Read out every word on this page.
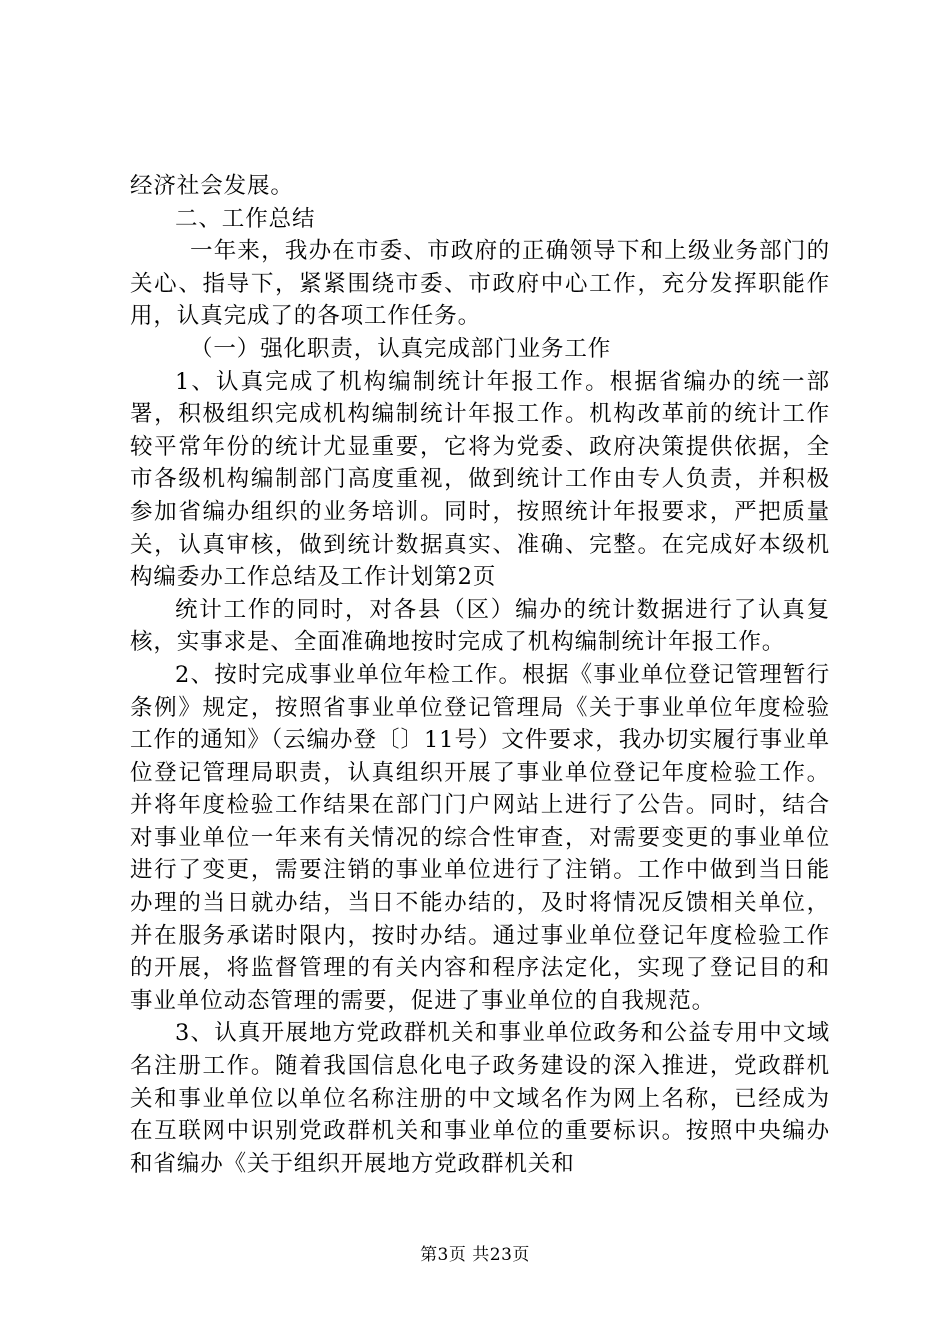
经济社会发展。

二、工作总结

一年来，我办在市委、市政府的正确领导下和上级业务部门的关心、指导下，紧紧围绕市委、市政府中心工作，充分发挥职能作用，认真完成了的各项工作任务。

（一）强化职责，认真完成部门业务工作

1、认真完成了机构编制统计年报工作。根据省编办的统一部署，积极组织完成机构编制统计年报工作。机构改革前的统计工作较平常年份的统计尤显重要，它将为党委、政府决策提供依据，全市各级机构编制部门高度重视，做到统计工作由专人负责，并积极参加省编办组织的业务培训。同时，按照统计年报要求，严把质量关，认真审核，做到统计数据真实、准确、完整。在完成好本级机构编委办工作总结及工作计划第2页

统计工作的同时，对各县（区）编办的统计数据进行了认真复核，实事求是、全面准确地按时完成了机构编制统计年报工作。

2、按时完成事业单位年检工作。根据《事业单位登记管理暂行条例》规定，按照省事业单位登记管理局《关于事业单位年度检验工作的通知》（云编办登〔〕11号）文件要求，我办切实履行事业单位登记管理局职责，认真组织开展了事业单位登记年度检验工作。并将年度检验工作结果在部门门户网站上进行了公告。同时，结合对事业单位一年来有关情况的综合性审查，对需要变更的事业单位进行了变更，需要注销的事业单位进行了注销。工作中做到当日能办理的当日就办结，当日不能办结的，及时将情况反馈相关单位，并在服务承诺时限内，按时办结。通过事业单位登记年度检验工作的开展，将监督管理的有关内容和程序法定化，实现了登记目的和事业单位动态管理的需要，促进了事业单位的自我规范。

3、认真开展地方党政群机关和事业单位政务和公益专用中文域名注册工作。随着我国信息化电子政务建设的深入推进，党政群机关和事业单位以单位名称注册的中文域名作为网上名称，已经成为在互联网中识别党政群机关和事业单位的重要标识。按照中央编办和省编办《关于组织开展地方党政群机关和

第3页 共23页
